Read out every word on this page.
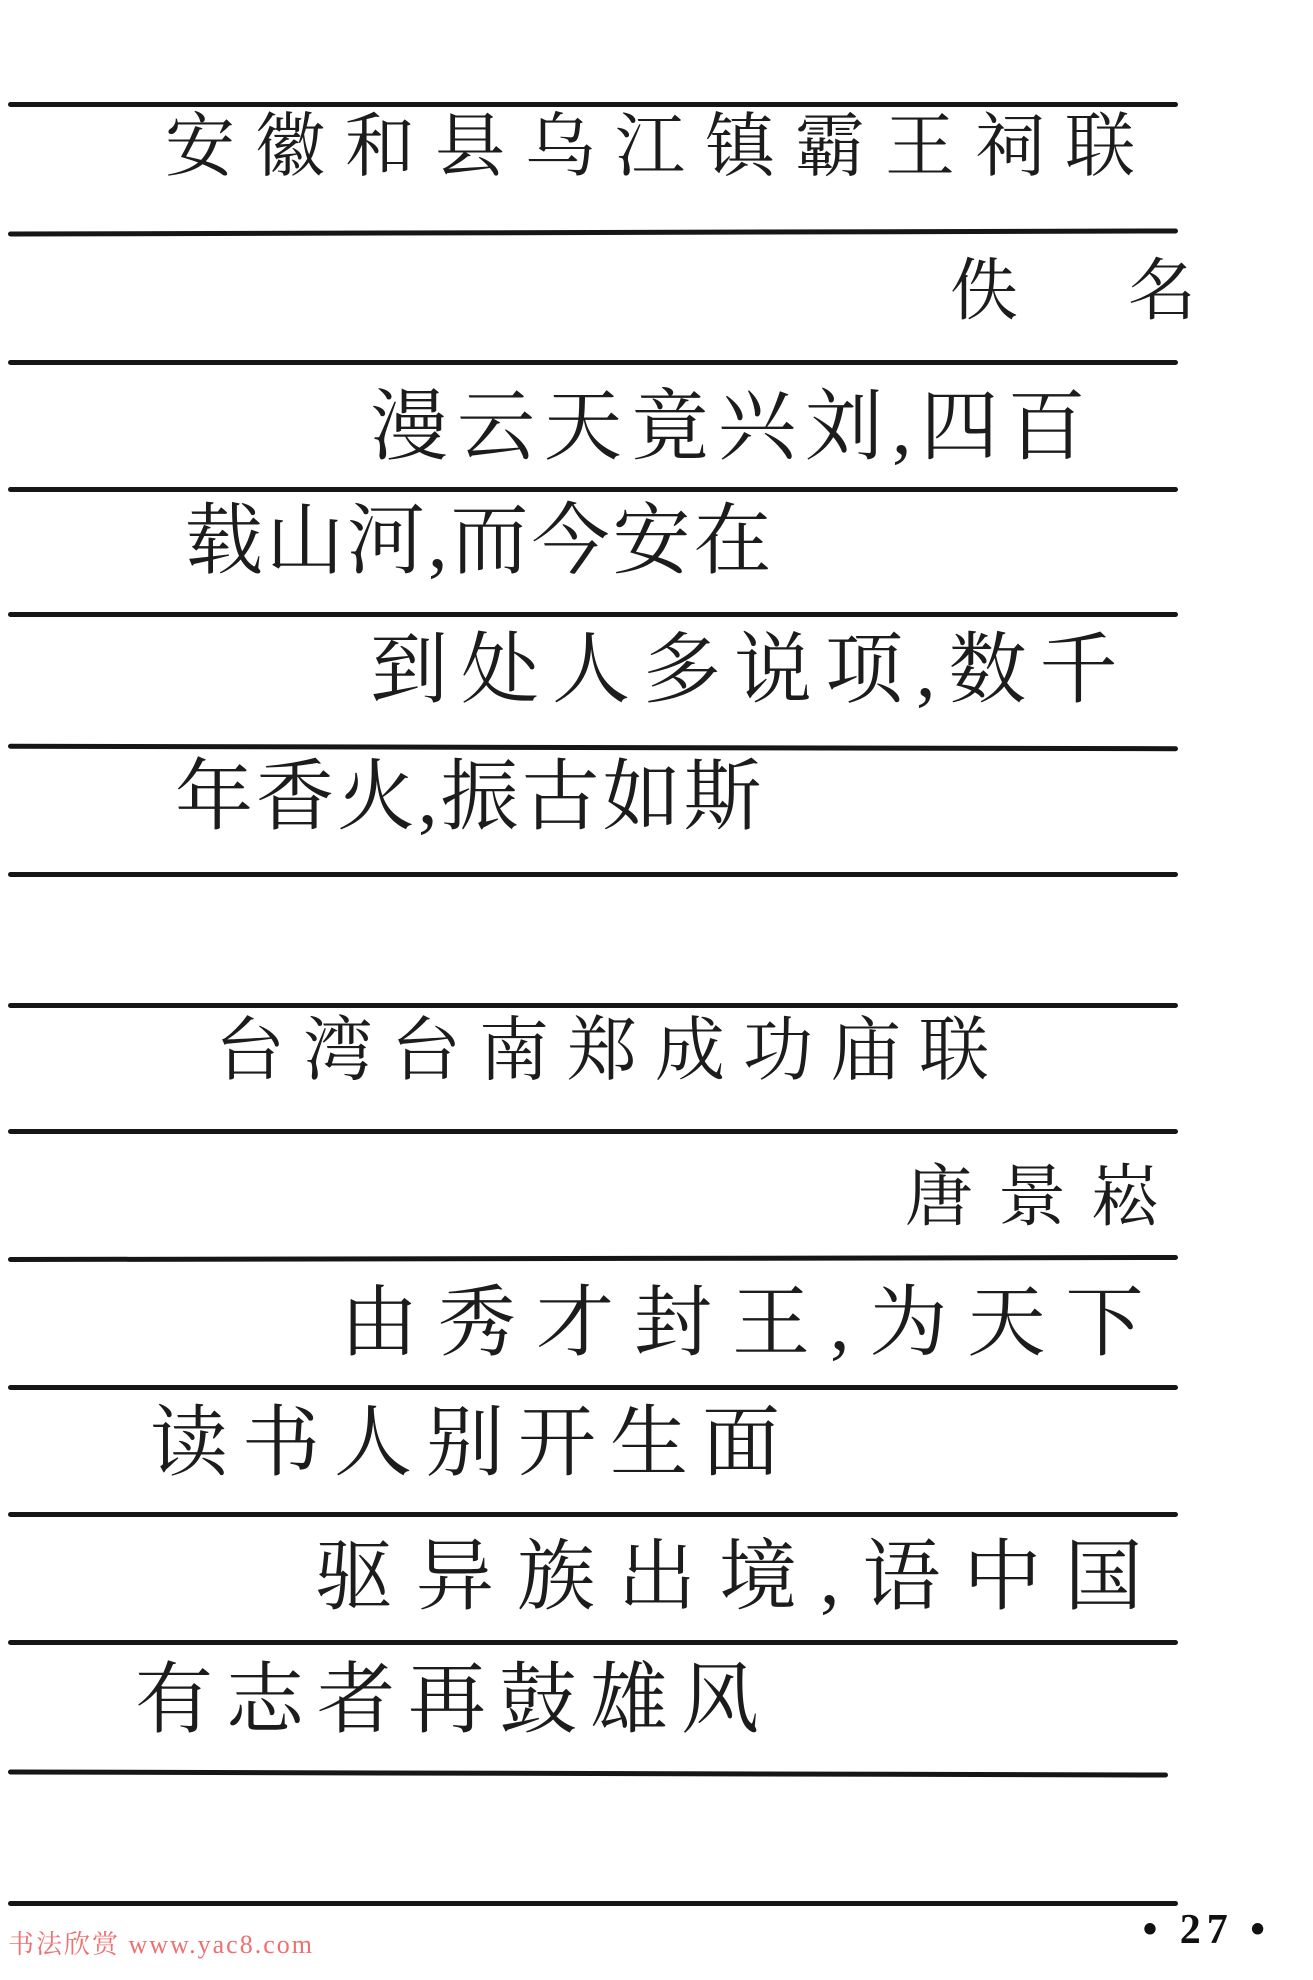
安徽和县乌江镇霸王祠联
佚名
漫云天竟兴刘,四百
载山河,而今安在
到处人多说项,数千
年香火,振古如斯
台湾台南郑成功庙联
唐景崧
由秀才封王,为天下
读书人别开生面
驱异族出境,语中国
有志者再鼓雄风
书法欣赏 www.yac8.com	• 27 •
